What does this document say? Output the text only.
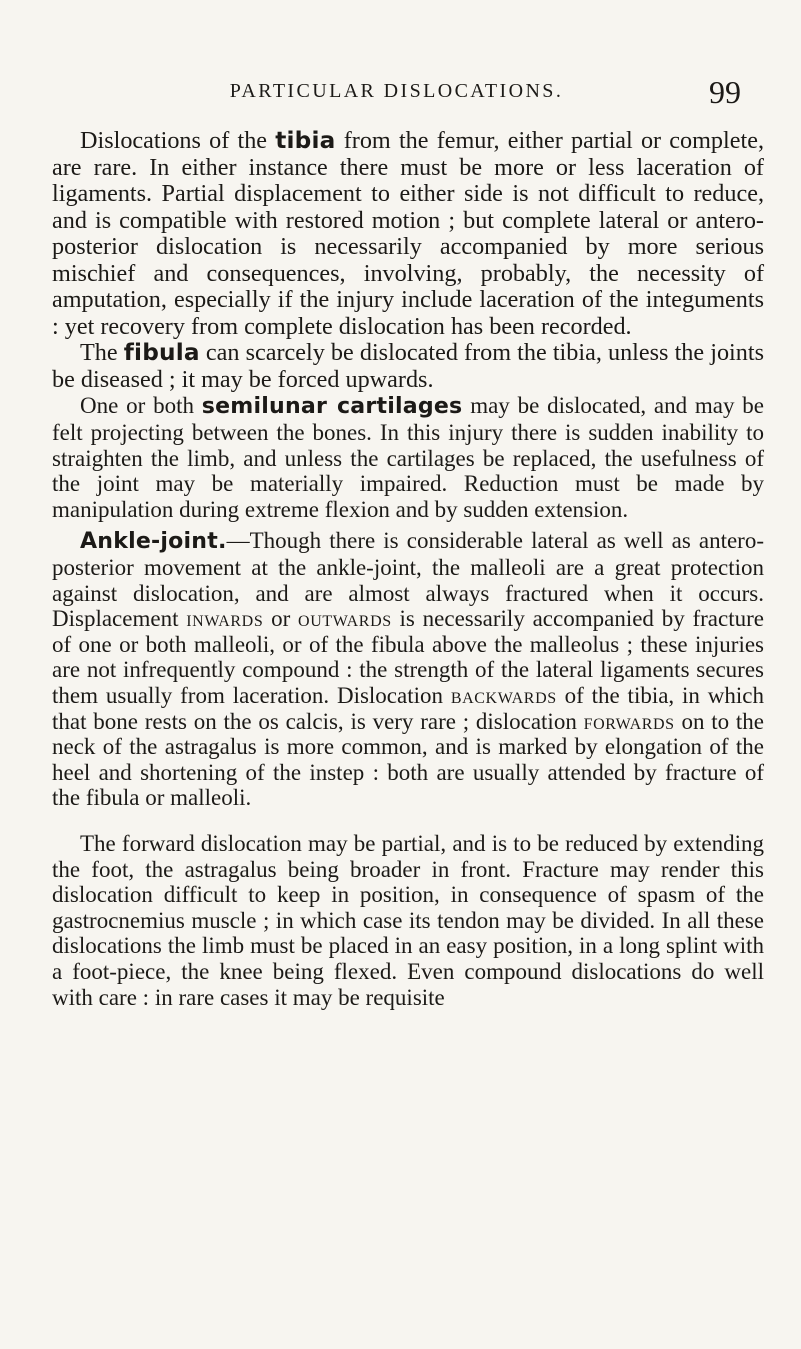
PARTICULAR DISLOCATIONS.	99

Dislocations of the tibia from the femur, either partial or complete, are rare. In either instance there must be more or less laceration of ligaments. Partial displacement to either side is not difficult to reduce, and is compatible with restored motion ; but complete lateral or antero-posterior dislocation is necessarily accompanied by more serious mischief and consequences, involving, probably, the necessity of amputation, especially if the injury include laceration of the integuments : yet recovery from complete dislocation has been recorded.

The fibula can scarcely be dislocated from the tibia, unless the joints be diseased ; it may be forced upwards.

One or both semilunar cartilages may be dislocated, and may be felt projecting between the bones. In this injury there is sudden inability to straighten the limb, and unless the cartilages be replaced, the usefulness of the joint may be materially impaired. Reduction must be made by manipulation during extreme flexion and by sudden extension.

Ankle-joint.—Though there is considerable lateral as well as antero-posterior movement at the ankle-joint, the malleoli are a great protection against dislocation, and are almost always fractured when it occurs. Displacement inwards or outwards is necessarily accompanied by fracture of one or both malleoli, or of the fibula above the malleolus ; these injuries are not infrequently compound : the strength of the lateral ligaments secures them usually from laceration. Dislocation backwards of the tibia, in which that bone rests on the os calcis, is very rare ; dislocation forwards on to the neck of the astragalus is more common, and is marked by elongation of the heel and shortening of the instep : both are usually attended by fracture of the fibula or malleoli.

The forward dislocation may be partial, and is to be reduced by extending the foot, the astragalus being broader in front. Fracture may render this dislocation difficult to keep in position, in consequence of spasm of the gastrocnemius muscle ; in which case its tendon may be divided. In all these dislocations the limb must be placed in an easy position, in a long splint with a foot-piece, the knee being flexed. Even compound dislocations do well with care : in rare cases it may be requisite
